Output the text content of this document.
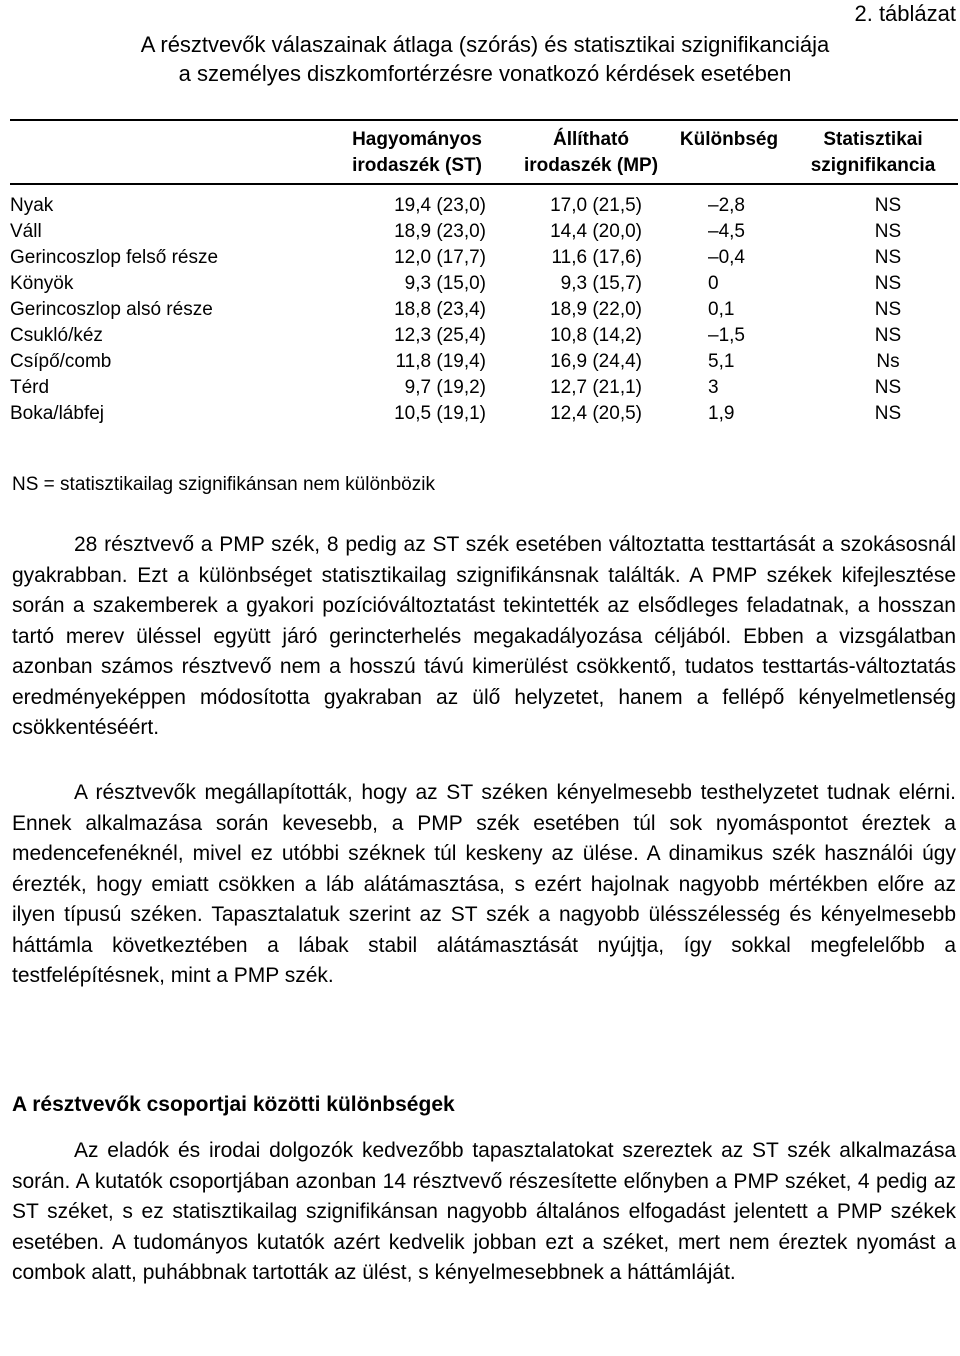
2. táblázat
A résztvevők válaszainak átlaga (szórás) és statisztikai szignifikanciája
a személyes diszkomfortérzésre vonatkozó kérdések esetében
	Hagyományos irodaszék (ST)	Állítható irodaszék (MP)	Különbség	Statisztikai szignifikancia
Nyak	19,4 (23,0)	17,0 (21,5)	–2,8	NS
Váll	18,9 (23,0)	14,4 (20,0)	–4,5	NS
Gerincoszlop felső része	12,0 (17,7)	11,6 (17,6)	–0,4	NS
Könyök	9,3 (15,0)	9,3 (15,7)	0	NS
Gerincoszlop alsó része	18,8 (23,4)	18,9 (22,0)	0,1	NS
Csukló/kéz	12,3 (25,4)	10,8 (14,2)	–1,5	NS
Csípő/comb	11,8 (19,4)	16,9 (24,4)	5,1	Ns
Térd	9,7 (19,2)	12,7 (21,1)	3	NS
Boka/lábfej	10,5 (19,1)	12,4 (20,5)	1,9	NS
NS = statisztikailag szignifikánsan nem különbözik

28 résztvevő a PMP szék, 8 pedig az ST szék esetében változtatta testtartását a szokásosnál gyakrabban. Ezt a különbséget statisztikailag szignifikánsnak találták. A PMP székek kifejlesztése során a szakemberek a gyakori pozícióváltoztatást tekintették az elsődleges feladatnak, a hosszan tartó merev üléssel együtt járó gerincterhelés megakadályozása céljából. Ebben a vizsgálatban azonban számos résztvevő nem a hosszú távú kimerülést csökkentő, tudatos testtartás-változtatás eredményeképpen módosította gyakraban az ülő helyzetet, hanem a fellépő kényelmetlenség csökkentéséért.

A résztvevők megállapították, hogy az ST széken kényelmesebb testhelyzetet tudnak elérni. Ennek alkalmazása során kevesebb, a PMP szék esetében túl sok nyomáspontot éreztek a medencefenéknél, mivel ez utóbbi széknek túl keskeny az ülése. A dinamikus szék használói úgy érezték, hogy emiatt csökken a láb alátámasztása, s ezért hajolnak nagyobb mértékben előre az ilyen típusú széken. Tapasztalatuk szerint az ST szék a nagyobb ülésszélesség és kényelmesebb háttámla következtében a lábak stabil alátámasztását nyújtja, így sokkal megfelelőbb a testfelépítésnek, mint a PMP szék.

A résztvevők csoportjai közötti különbségek

Az eladók és irodai dolgozók kedvezőbb tapasztalatokat szereztek az ST szék alkalmazása során. A kutatók csoportjában azonban 14 résztvevő részesítette előnyben a PMP széket, 4 pedig az ST széket, s ez statisztikailag szignifikánsan nagyobb általános elfogadást jelentett a PMP székek esetében. A tudományos kutatók azért kedvelik jobban ezt a széket, mert nem éreztek nyomást a combok alatt, puhábbnak tartották az ülést, s kényelmesebbnek a háttámláját.
